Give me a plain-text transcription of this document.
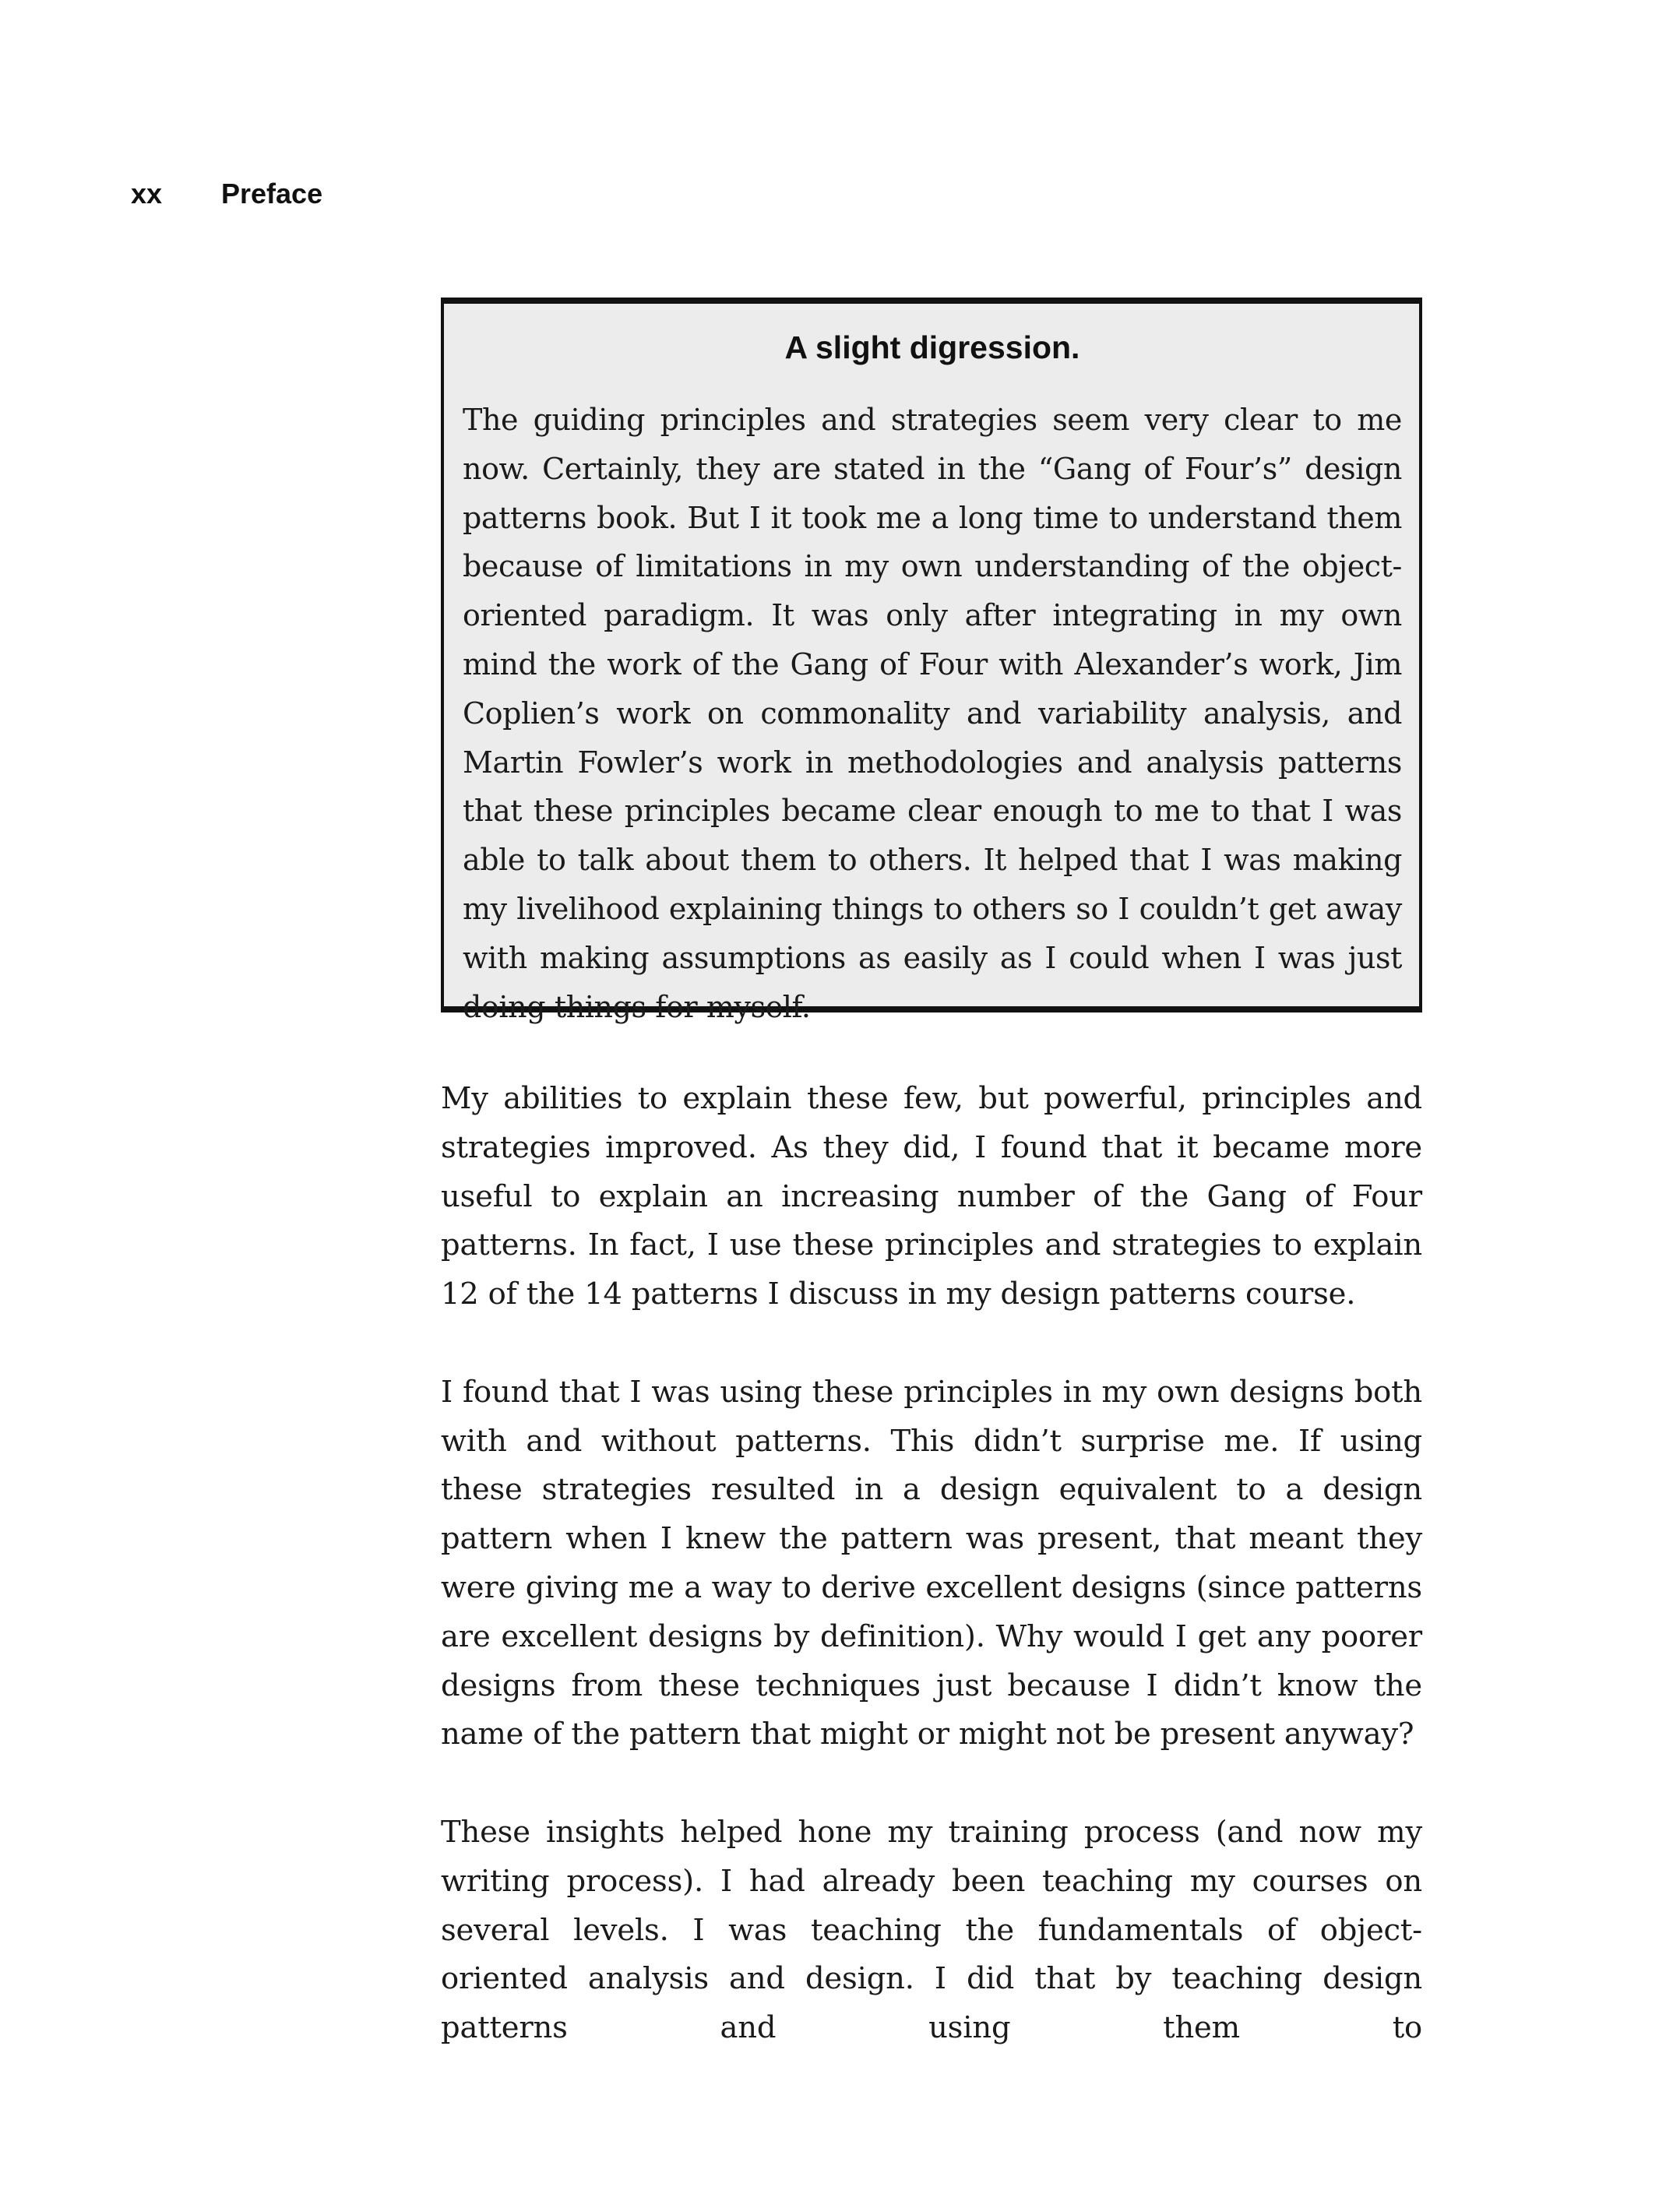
xx	Preface
A slight digression.

The guiding principles and strategies seem very clear to me now. Certainly, they are stated in the “Gang of Four’s” design patterns book. But I it took me a long time to understand them because of limitations in my own understanding of the object-oriented paradigm. It was only after integrating in my own mind the work of the Gang of Four with Alexander’s work, Jim Coplien’s work on commonality and variability analysis, and Martin Fowler’s work in methodologies and analysis patterns that these principles became clear enough to me to that I was able to talk about them to others. It helped that I was making my livelihood explaining things to others so I couldn’t get away with making assumptions as easily as I could when I was just doing things for myself.

My abilities to explain these few, but powerful, principles and strategies improved. As they did, I found that it became more useful to explain an increasing number of the Gang of Four patterns. In fact, I use these principles and strategies to explain 12 of the 14 patterns I discuss in my design patterns course.

I found that I was using these principles in my own designs both with and without patterns. This didn’t surprise me. If using these strategies resulted in a design equivalent to a design pattern when I knew the pattern was present, that meant they were giving me a way to derive excellent designs (since patterns are excellent designs by definition). Why would I get any poorer designs from these techniques just because I didn’t know the name of the pattern that might or might not be present anyway?

These insights helped hone my training process (and now my writing process). I had already been teaching my courses on several levels. I was teaching the fundamentals of object-oriented analysis and design. I did that by teaching design patterns and using them to
